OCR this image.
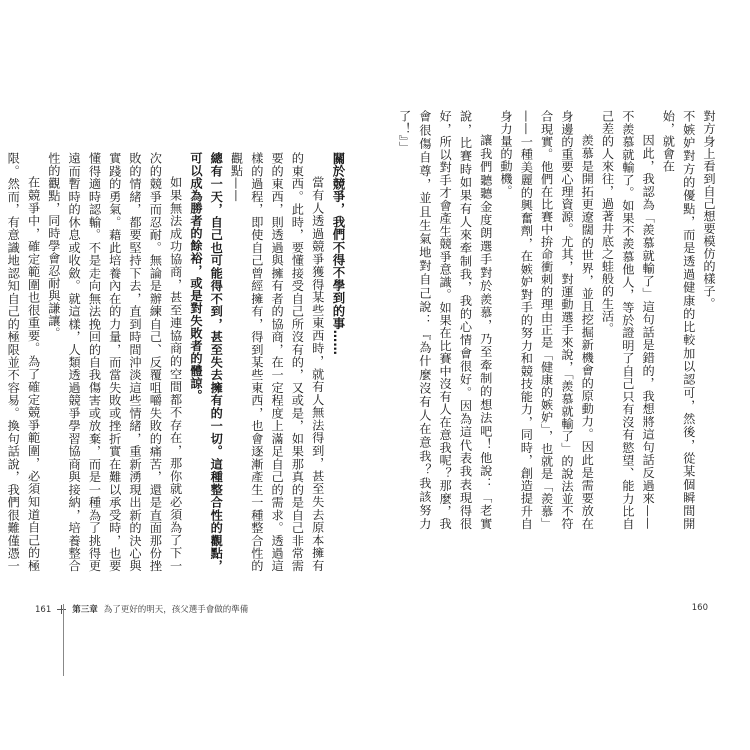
關於競爭，我們不得不學到的事……

當有人透過競爭獲得某些東西時，就有人無法得到，甚至失去原本擁有的東西。此時，要懂接受自己所沒有的，又或是，如果那真的是自己非常需要的東西，則透過與擁有者的協商，在一定程度上滿足自己的需求。透過這樣的過程，即使自己曾經擁有，得到某些東西，也會逐漸產生一種整合性的觀點——

總有一天，自己也可能得不到，甚至失去擁有的一切。這種整合性的觀點，可以成為勝者的餘裕，或是對失敗者的體諒。

如果無法成功協商，甚至連協商的空間都不存在，那你就必須為了下一次的競爭而忍耐。無論是辦練自己、反覆咀嚼失敗的痛苦，還是直面那份挫敗的情緒，都要堅持下去，直到時間沖淡這些情緒，重新湧現出新的決心與實踐的勇氣。藉此培養內在的力量，而當失敗或挫折實在難以承受時，也要懂得適時認輸。不是走向無法挽回的自我傷害或放棄，而是一種為了挑得更遠而暫時的休息或收斂。就這樣，人類透過競爭學習協商與接納，培養整合性的觀點，同時學會忍耐與謙讓。

在競爭中，確定範圍也很重要。為了確定競爭範圍，必須知道自己的極限。然而，有意識地認知自己的極限並不容易。換句話說，我們很難僅憑一

161 第三章 為了更好的明天，孩父選手會做的準備

對方身上看到自己想要模仿的樣子。

不嫉妒對方的優點，而是透過健康的比較加以認可，然後，從某個瞬間開始，就會在

因此，我認為「羨慕就輸了」這句話是錯的，我想將這句話反過來——不羨慕就輸了。如果不羨慕他人，等於證明了自己只有沒有慾望、能力比自己差的人來往，過著井底之蛙般的生活。

羨慕是開拓更遼闊的世界，並且挖掘新機會的原動力。因此是需要放在身邊的重要心理資源。尤其，對運動選手來說，「羨慕就輸了」的說法並不符合現實。他們在比賽中拚命衝刺的理由正是「健康的嫉妒」，也就是「羨慕」——一種美麗的興奮劑，在嫉妒對手的努力和競技能力，同時，創造提升自身力量的動機。

讓我們聽聽金度朗選手對於羨慕，乃至牽制的想法吧！他說：「老實說，比賽時如果有人來牽制我，我的心情會很好。因為這代表我表現得很好，所以對手才會產生競爭意識。如果在比賽中沒有人在意我呢？那麼，我會很傷自尊，並且生氣地對自己說：『為什麼沒有人在意我？我該努力了！』」

160
